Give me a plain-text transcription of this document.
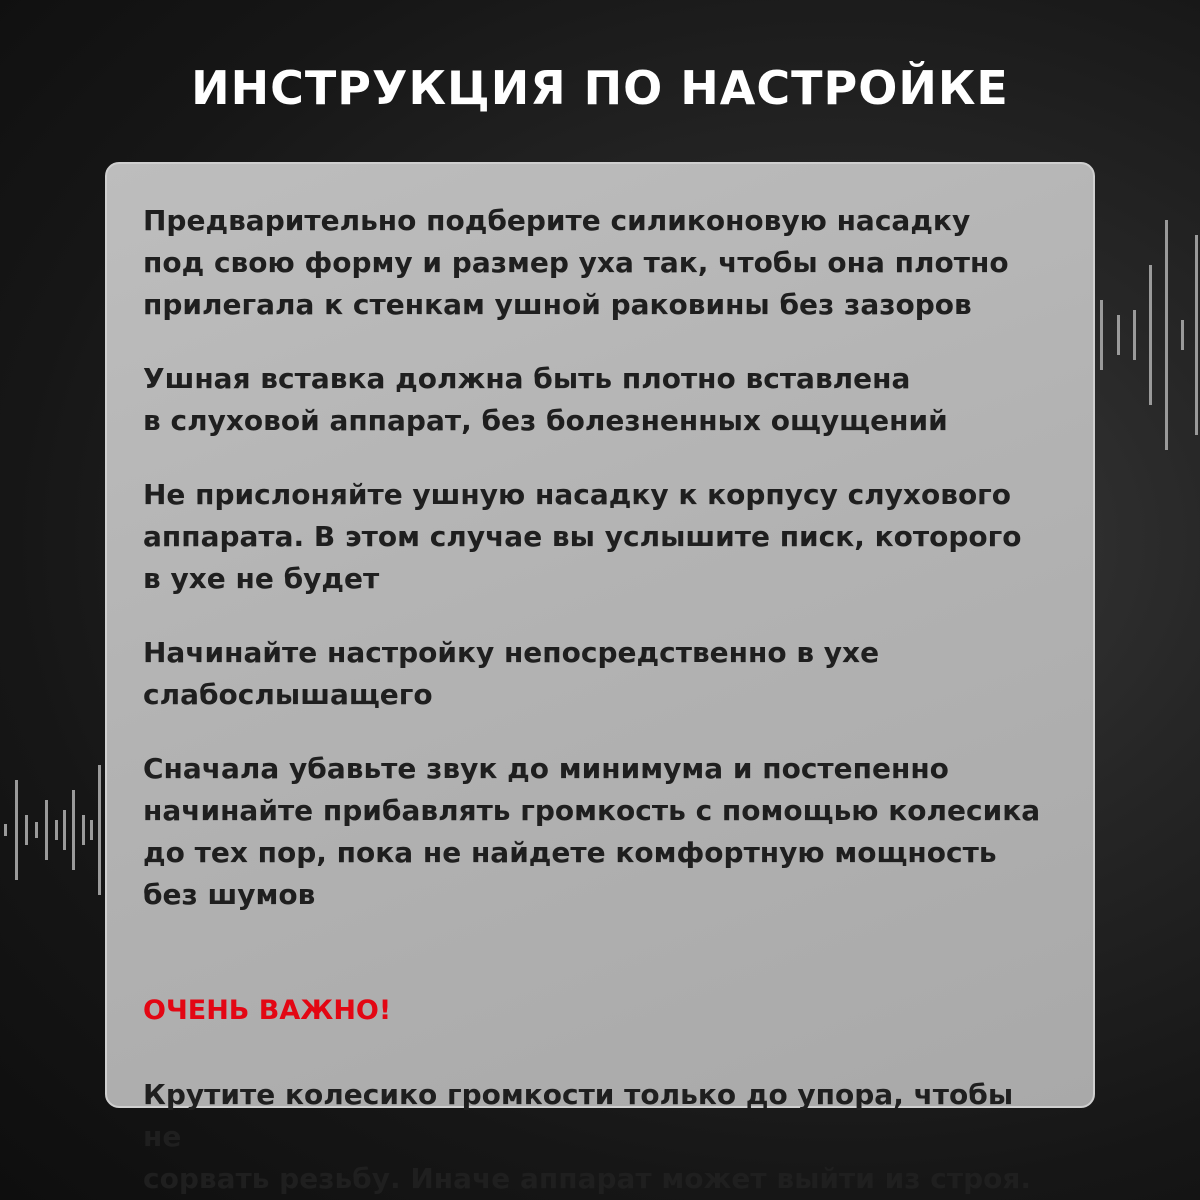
ИНСТРУКЦИЯ ПО НАСТРОЙКЕ

Предварительно подберите силиконовую насадку
под свою форму и размер уха так, чтобы она плотно
прилегала к стенкам ушной раковины без зазоров

Ушная вставка должна быть плотно вставлена
в слуховой аппарат, без болезненных ощущений

Не прислоняйте ушную насадку к корпусу слухового
аппарата. В этом случае вы услышите писк, которого
в ухе не будет

Начинайте настройку непосредственно в ухе
слабослышащего

Сначала убавьте звук до минимума и постепенно
начинайте прибавлять громкость с помощью колесика
до тех пор, пока не найдете комфортную мощность
без шумов

ОЧЕНЬ ВАЖНО!

Крутите колесико громкости только до упора, чтобы не
сорвать резьбу. Иначе аппарат может выйти из строя.
